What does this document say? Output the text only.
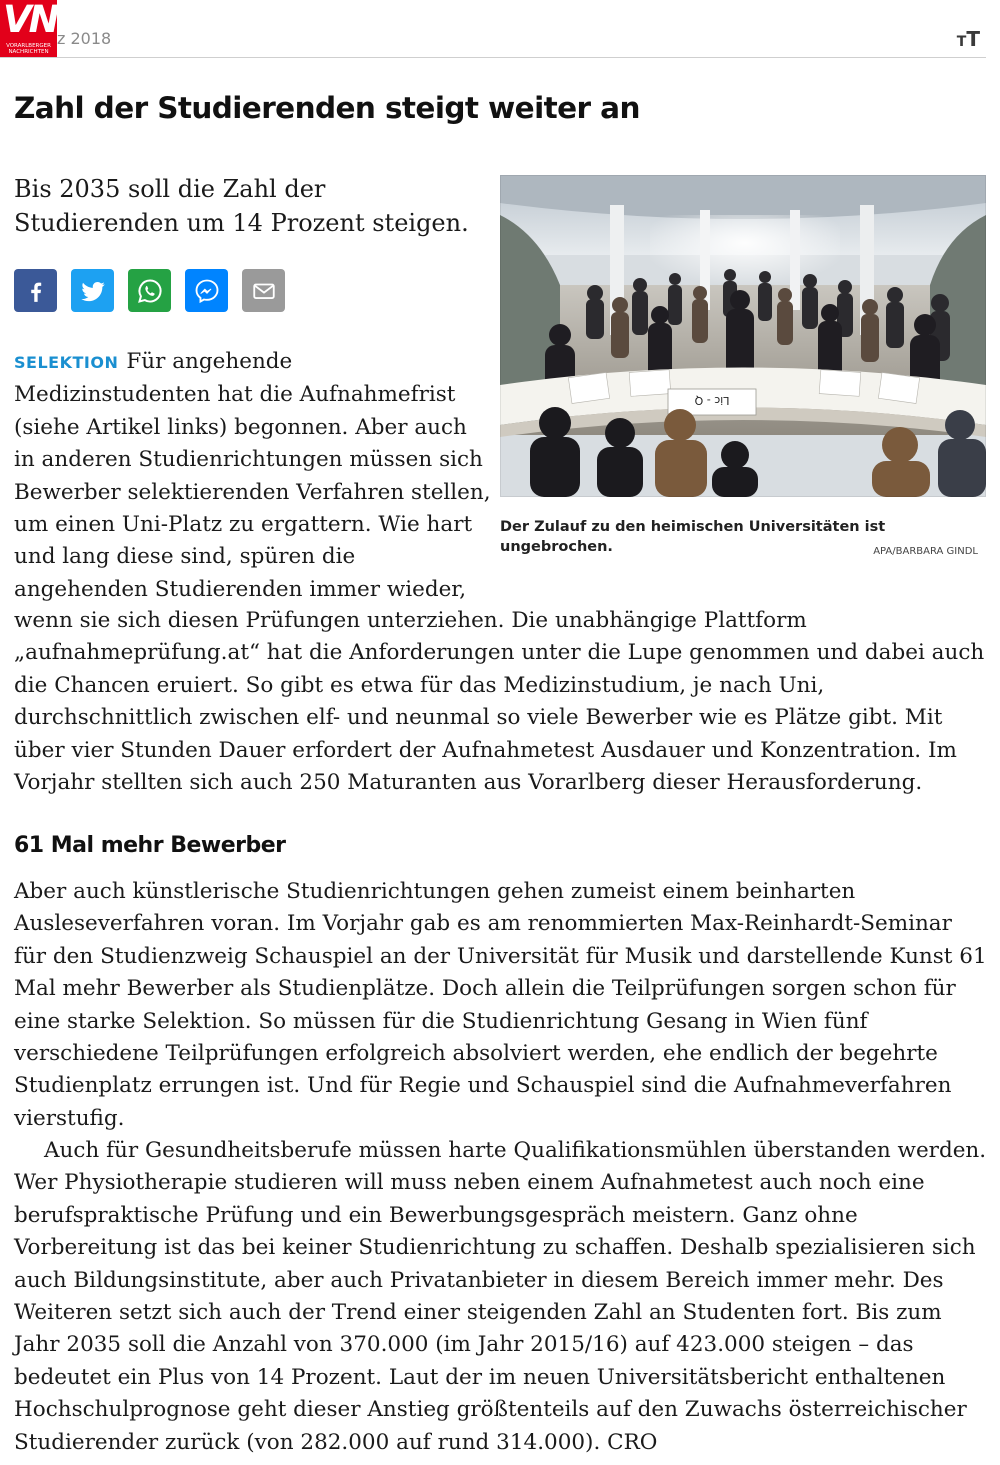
VN
VORARLBERGER NACHRICHTEN
z 2018	TT
Zahl der Studierenden steigt weiter an

Bis 2035 soll die Zahl der Studierenden um 14 Prozent steigen.

Lic - Q

Der Zulauf zu den heimischen Universitäten ist ungebrochen.	APA/BARBARA GINDL
SELEKTION Für angehende Medizinstudenten hat die Aufnahmefrist (siehe Artikel links) begonnen. Aber auch in anderen Studienrichtungen müssen sich Bewerber selektierenden Verfahren stellen, um einen Uni-Platz zu ergattern. Wie hart und lang diese sind, spüren die angehenden Studierenden immer wieder,

wenn sie sich diesen Prüfungen unterziehen. Die unabhängige Plattform „aufnahmeprüfung.at“ hat die Anforderungen unter die Lupe genommen und dabei auch die Chancen eruiert. So gibt es etwa für das Medizinstudium, je nach Uni, durchschnittlich zwischen elf- und neunmal so viele Bewerber wie es Plätze gibt. Mit über vier Stunden Dauer erfordert der Aufnahmetest Ausdauer und Konzentration. Im Vorjahr stellten sich auch 250 Maturanten aus Vorarlberg dieser Herausforderung.

61 Mal mehr Bewerber

Aber auch künstlerische Studienrichtungen gehen zumeist einem beinharten Ausleseverfahren voran. Im Vorjahr gab es am renommierten Max-Reinhardt-Seminar für den Studienzweig Schauspiel an der Universität für Musik und darstellende Kunst 61 Mal mehr Bewerber als Studienplätze. Doch allein die Teilprüfungen sorgen schon für eine starke Selektion. So müssen für die Studienrichtung Gesang in Wien fünf verschiedene Teilprüfungen erfolgreich absolviert werden, ehe endlich der begehrte Studienplatz errungen ist. Und für Regie und Schauspiel sind die Aufnahmeverfahren vierstufig.

Auch für Gesundheitsberufe müssen harte Qualifikationsmühlen überstanden werden. Wer Physiotherapie studieren will muss neben einem Aufnahmetest auch noch eine berufspraktische Prüfung und ein Bewerbungsgespräch meistern. Ganz ohne Vorbereitung ist das bei keiner Studienrichtung zu schaffen. Deshalb spezialisieren sich auch Bildungsinstitute, aber auch Privatanbieter in diesem Bereich immer mehr. Des Weiteren setzt sich auch der Trend einer steigenden Zahl an Studenten fort. Bis zum Jahr 2035 soll die Anzahl von 370.000 (im Jahr 2015/16) auf 423.000 steigen – das bedeutet ein Plus von 14 Prozent. Laut der im neuen Universitätsbericht enthaltenen Hochschulprognose geht dieser Anstieg größtenteils auf den Zuwachs österreichischer Studierender zurück (von 282.000 auf rund 314.000). CRO
